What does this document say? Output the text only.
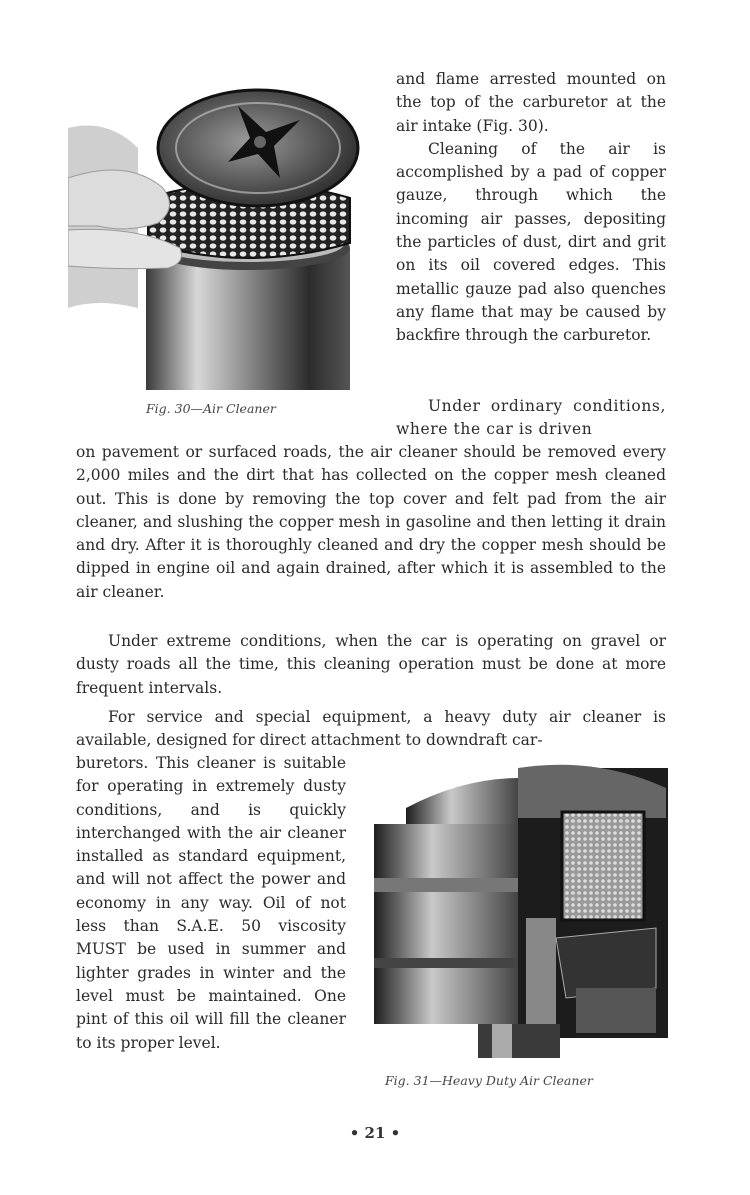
Fig. 30—Air Cleaner

and flame arrested mounted on the top of the carburetor at the air intake (Fig. 30).

Cleaning of the air is accomplished by a pad of copper gauze, through which the incoming air passes, depositing the particles of dust, dirt and grit on its oil covered edges. This metallic gauze pad also quenches any flame that may be caused by backfire through the carburetor.

Under ordinary conditions, where the car is driven

on pavement or surfaced roads, the air cleaner should be removed every 2,000 miles and the dirt that has collected on the copper mesh cleaned out. This is done by removing the top cover and felt pad from the air cleaner, and slushing the copper mesh in gasoline and then letting it drain and dry. After it is thoroughly cleaned and dry the copper mesh should be dipped in engine oil and again drained, after which it is assembled to the air cleaner.

Under extreme conditions, when the car is operating on gravel or dusty roads all the time, this cleaning operation must be done at more frequent intervals.

For service and special equipment, a heavy duty air cleaner is available, designed for direct attachment to downdraft car-

buretors. This cleaner is suitable for operating in extremely dusty conditions, and is quickly interchanged with the air cleaner installed as standard equipment, and will not affect the power and economy in any way. Oil of not less than S.A.E. 50 viscosity MUST be used in summer and lighter grades in winter and the level must be maintained. One pint of this oil will fill the cleaner to its proper level.

Fig. 31—Heavy Duty Air Cleaner

• 21 •
